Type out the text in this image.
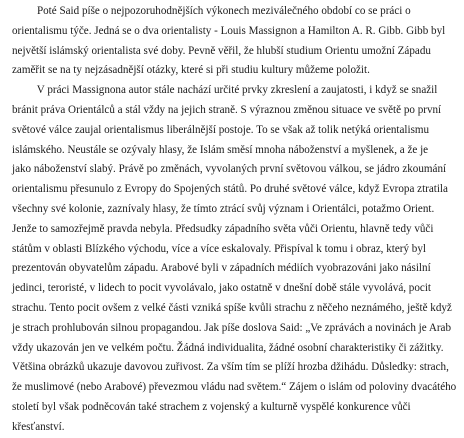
Poté Said píše o nejpozoruhodnějších výkonech meziválečného období co se práci o
orientalismu týče. Jedná se o dva orientalisty - Louis Massignon a Hamilton A. R. Gibb. Gibb byl
největší islámský orientalista své doby. Pevně věřil, že hlubší studium Orientu umožní Západu
zaměřit se na ty nejzásadnější otázky, které si při studiu kultury můžeme položit.
V práci Massignona autor stále nachází určité prvky zkreslení a zaujatosti, i když se snažil
bránit práva Orientálců a stál vždy na jejich straně. S výraznou změnou situace ve světě po první
světové válce zaujal orientalismus liberálnější postoje. To se však až tolik netýká orientalismu
islámského. Neustále se ozývaly hlasy, že Islám směsí mnoha náboženství a myšlenek, a že je
jako náboženství slabý. Právě po změnách, vyvolaných první světovou válkou, se jádro zkoumání
orientalismu přesunulo z Evropy do Spojených států. Po druhé světové válce, když Evropa ztratila
všechny své kolonie, zaznívaly hlasy, že tímto ztrácí svůj význam i Orientálci, potažmo Orient.
Jenže to samozřejmě pravda nebyla. Předsudky západního světa vůči Orientu, hlavně tedy vůči
státům v oblasti Blízkého východu, více a více eskalovaly. Přispíval k tomu i obraz, který byl
prezentován obyvatelům západu. Arabové byli v západních médiích vyobrazováni jako násilní
jedinci, teroristé, v lidech to pocit vyvolávalo, jako ostatně v dnešní době stále vyvolává, pocit
strachu. Tento pocit ovšem z velké části vzniká spíše kvůli strachu z něčeho neznámého, ještě když
je strach prohlubován silnou propagandou. Jak píše doslova Said: „Ve zprávách a novinách je Arab
vždy ukazován jen ve velkém počtu. Žádná individualita, žádné osobní charakteristiky či zážitky.
Většina obrázků ukazuje davovou zuřivost. Za vším tím se plíží hrozba džihádu. Důsledky: strach,
že muslimové (nebo Arabové) převezmou vládu nad světem.“ Zájem o islám od poloviny dvacátého
století byl však podněcován také strachem z vojenský a kulturně vyspělé konkurence vůči
křesťanství.
